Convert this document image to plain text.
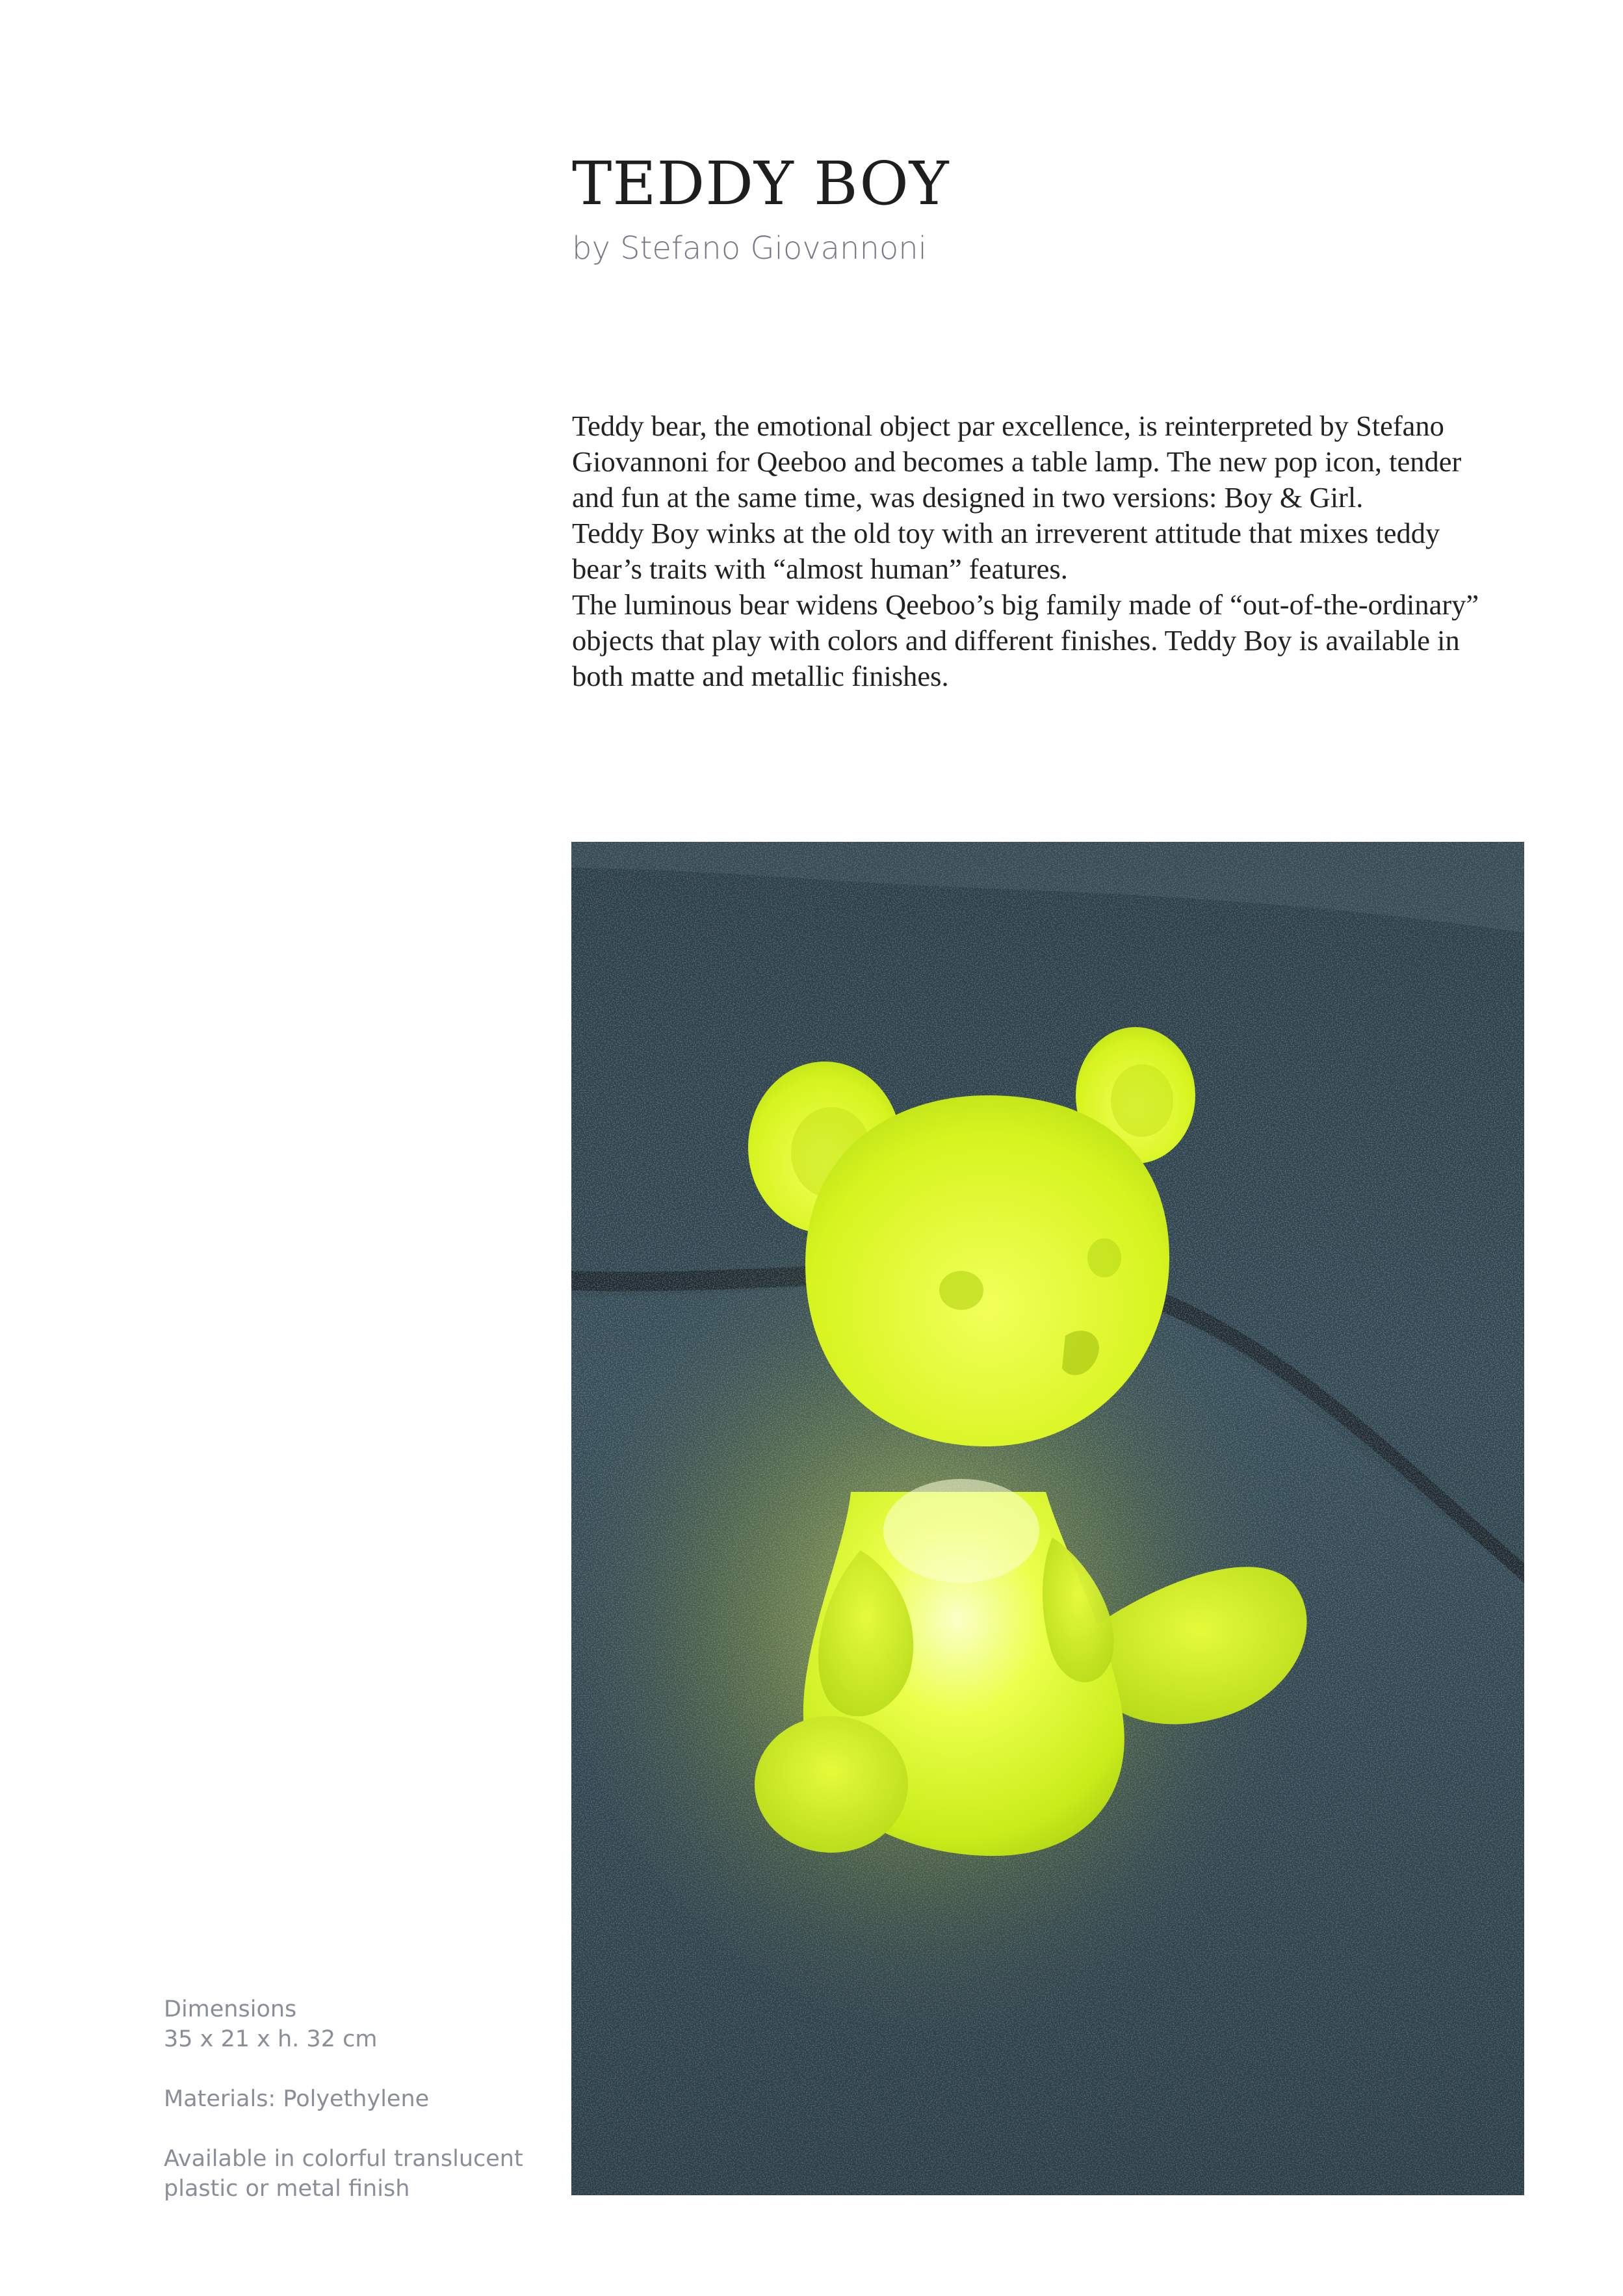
TEDDY BOY

by Stefano Giovannoni

Teddy bear, the emotional object par excellence, is reinterpreted by Stefano

Giovannoni for Qeeboo and becomes a table lamp. The new pop icon, tender

and fun at the same time, was designed in two versions: Boy & Girl.

Teddy Boy winks at the old toy with an irreverent attitude that mixes teddy

bear’s traits with “almost human” features.

The luminous bear widens Qeeboo’s big family made of “out-of-the-ordinary”

objects that play with colors and different finishes. Teddy Boy is available in

both matte and metallic finishes.

Dimensions

35 x 21 x h. 32 cm

Materials: Polyethylene

Available in colorful translucent

plastic or metal finish
